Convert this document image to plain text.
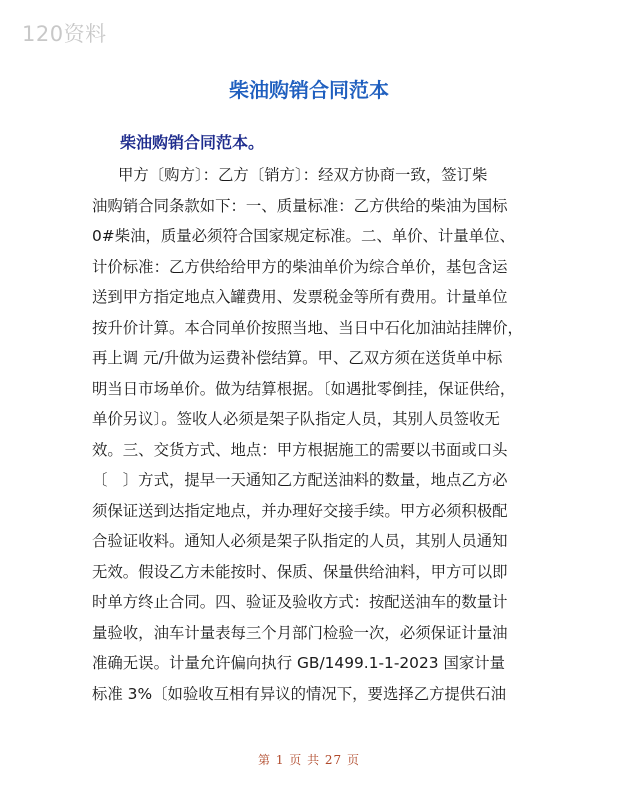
120资料
柴油购销合同范本
柴油购销合同范本。
甲方〔购方〕：乙方〔销方〕：经双方协商一致，签订柴
油购销合同条款如下：一、质量标准：乙方供给的柴油为国标
0#柴油，质量必须符合国家规定标准。二、单价、计量单位、
计价标准：乙方供给给甲方的柴油单价为综合单价，基包含运
送到甲方指定地点入罐费用、发票税金等所有费用。计量单位
按升价计算。本合同单价按照当地、当日中石化加油站挂牌价，
再上调 元/升做为运费补偿结算。甲、乙双方须在送货单中标
明当日市场单价。做为结算根据。〔如遇批零倒挂，保证供给，
单价另议〕。签收人必须是架子队指定人员，其别人员签收无
效。三、交货方式、地点：甲方根据施工的需要以书面或口头
〔　〕方式，提早一天通知乙方配送油料的数量，地点乙方必
须保证送到达指定地点，并办理好交接手续。甲方必须积极配
合验证收料。通知人必须是架子队指定的人员，其别人员通知
无效。假设乙方未能按时、保质、保量供给油料，甲方可以即
时单方终止合同。四、验证及验收方式：按配送油车的数量计
量验收，油车计量表每三个月部门检验一次，必须保证计量油
准确无误。计量允许偏向执行 GB/1499.1-1-2023 国家计量
标准 3%〔如验收互相有异议的情况下，要选择乙方提供石油
第 1 页 共 27 页
